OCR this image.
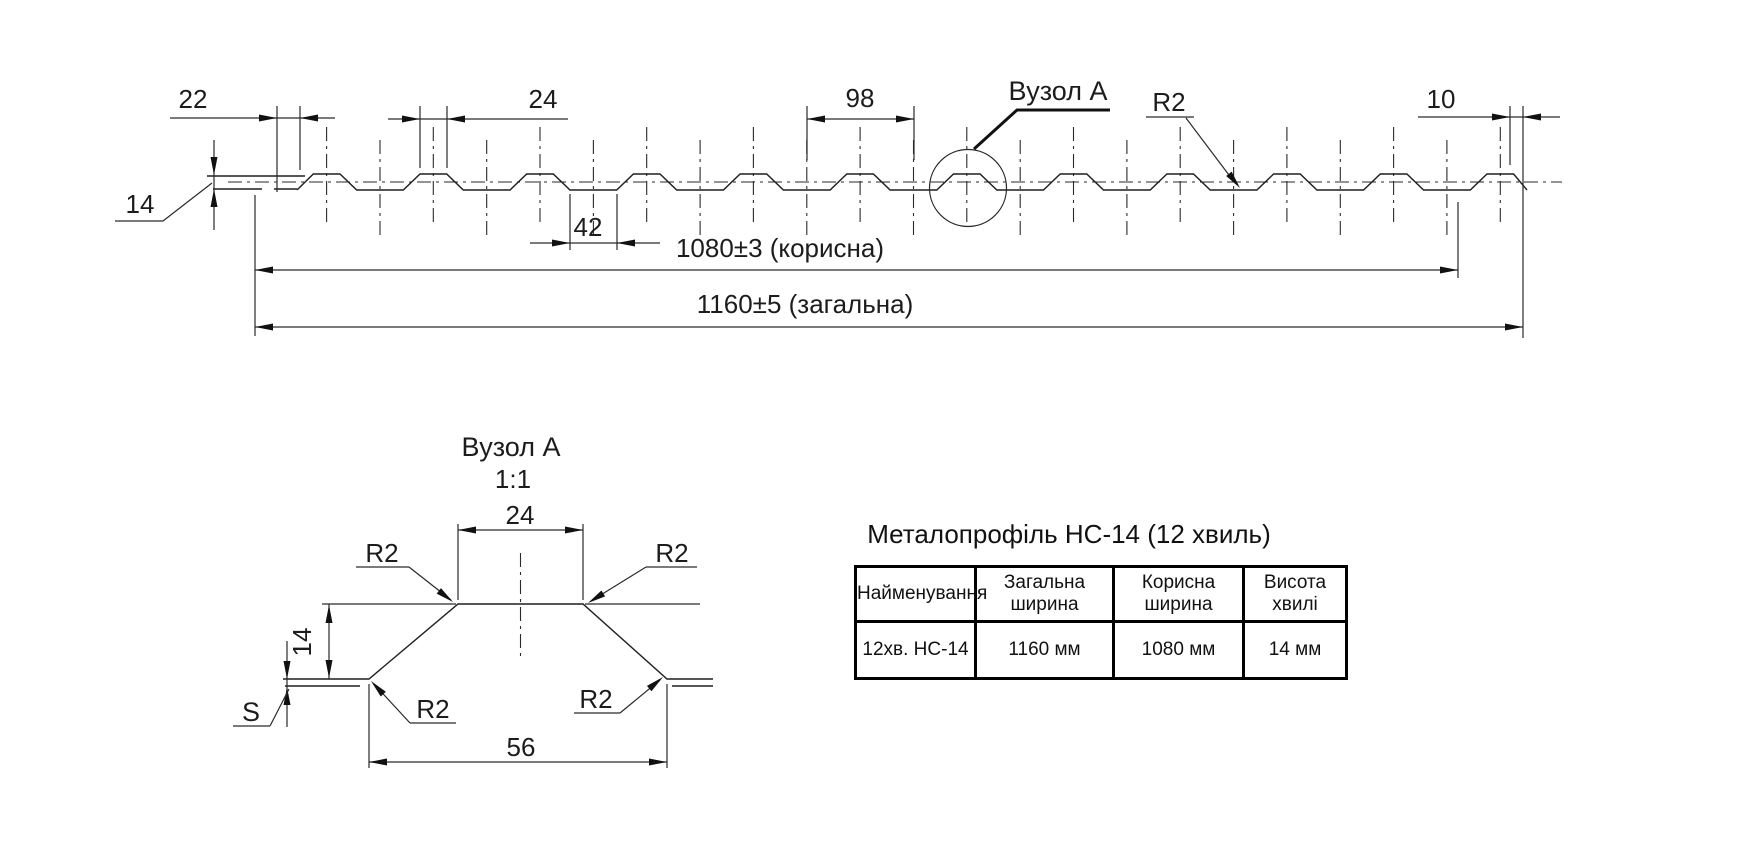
22	24	98	10
42
14
1080±3 (корисна)
1160±5 (загальна)
Вузол А R2
Вузол А
1:1
24
56
S
14
R2	R2
R2	R2
Металопрофіль НС-14 (12 хвиль)
Найменування	Загальна ширина	Корисна ширина	Висота хвилі
12хв. НС-14	1160 мм	1080 мм	14 мм
